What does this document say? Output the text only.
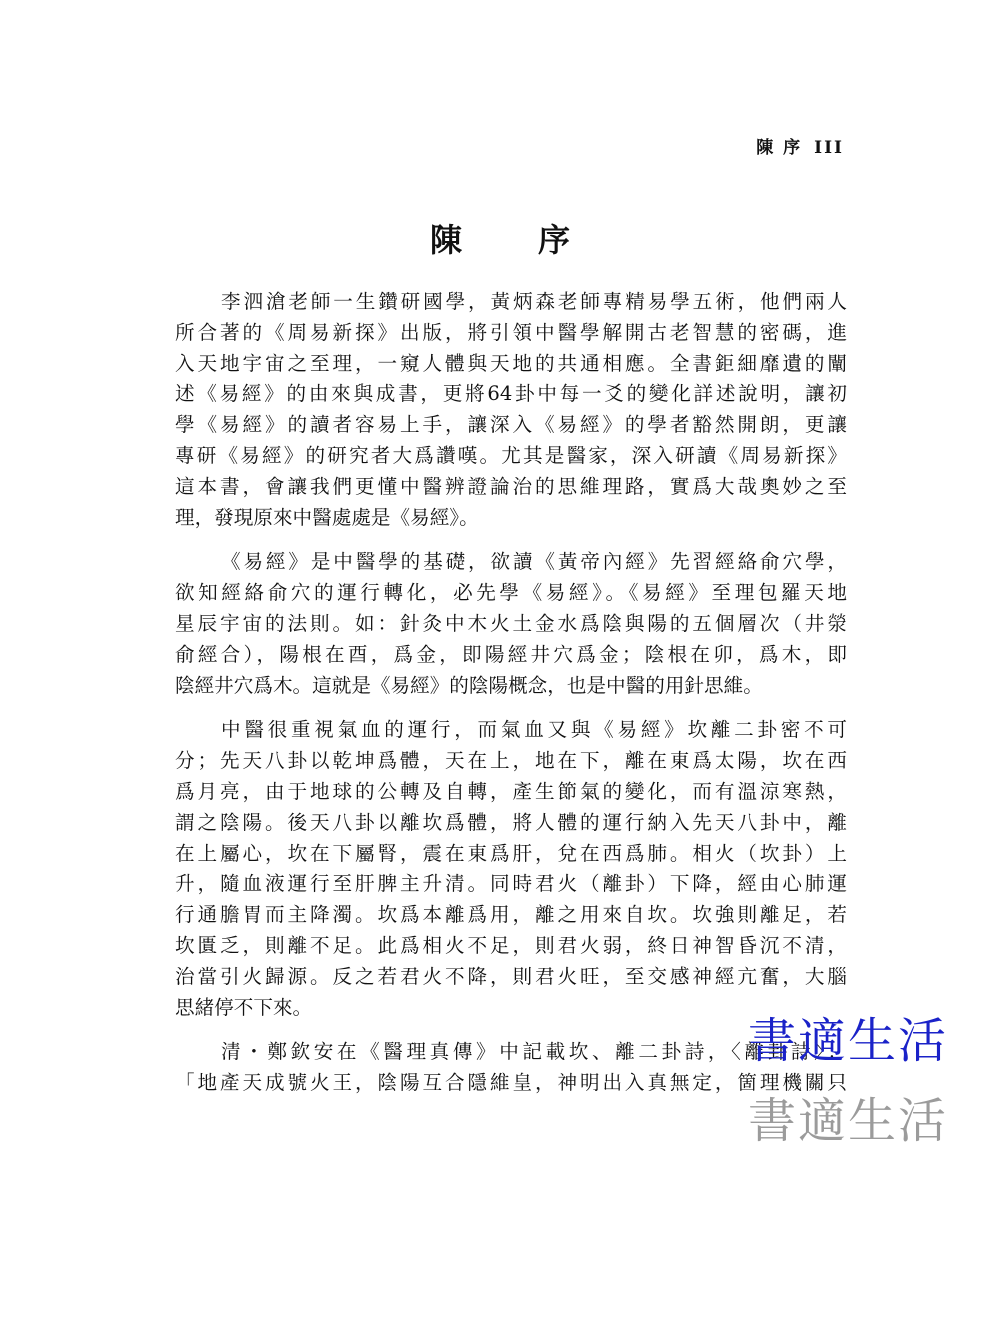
陳 序 III
陳　序
李泗滄老師一生鑽研國學，黃炳森老師專精易學五術，他們兩人
所合著的《周易新探》出版，將引領中醫學解開古老智慧的密碼，進
入天地宇宙之至理，一窺人體與天地的共通相應。全書鉅細靡遺的闡
述《易經》的由來與成書，更將64卦中每一爻的變化詳述說明，讓初
學《易經》的讀者容易上手，讓深入《易經》的學者豁然開朗，更讓
專研《易經》的研究者大爲讚嘆。尤其是醫家，深入研讀《周易新探》
這本書，會讓我們更懂中醫辨證論治的思維理路，實爲大哉奧妙之至
理，發現原來中醫處處是《易經》。
《易經》是中醫學的基礎，欲讀《黃帝內經》先習經絡俞穴學，
欲知經絡俞穴的運行轉化，必先學《易經》。《易經》至理包羅天地
星辰宇宙的法則。如：針灸中木火土金水爲陰與陽的五個層次（井滎
俞經合），陽根在酉，爲金，即陽經井穴爲金；陰根在卯，爲木，即
陰經井穴爲木。這就是《易經》的陰陽概念，也是中醫的用針思維。
中醫很重視氣血的運行，而氣血又與《易經》坎離二卦密不可
分；先天八卦以乾坤爲體，天在上，地在下，離在東爲太陽，坎在西
爲月亮，由于地球的公轉及自轉，產生節氣的變化，而有溫涼寒熱，
謂之陰陽。後天八卦以離坎爲體，將人體的運行納入先天八卦中，離
在上屬心，坎在下屬腎，震在東爲肝，兌在西爲肺。相火（坎卦）上
升，隨血液運行至肝脾主升清。同時君火（離卦）下降，經由心肺運
行通膽胃而主降濁。坎爲本離爲用，離之用來自坎。坎強則離足，若
坎匱乏，則離不足。此爲相火不足，則君火弱，終日神智昏沉不清，
治當引火歸源。反之若君火不降，則君火旺，至交感神經亢奮，大腦
思緒停不下來。
清・鄭欽安在《醫理真傳》中記載坎、離二卦詩，〈離卦詩〉：
「地產天成號火王，陰陽互合隱維皇，神明出入真無定，箇理機關只
書適生活
書適生活
